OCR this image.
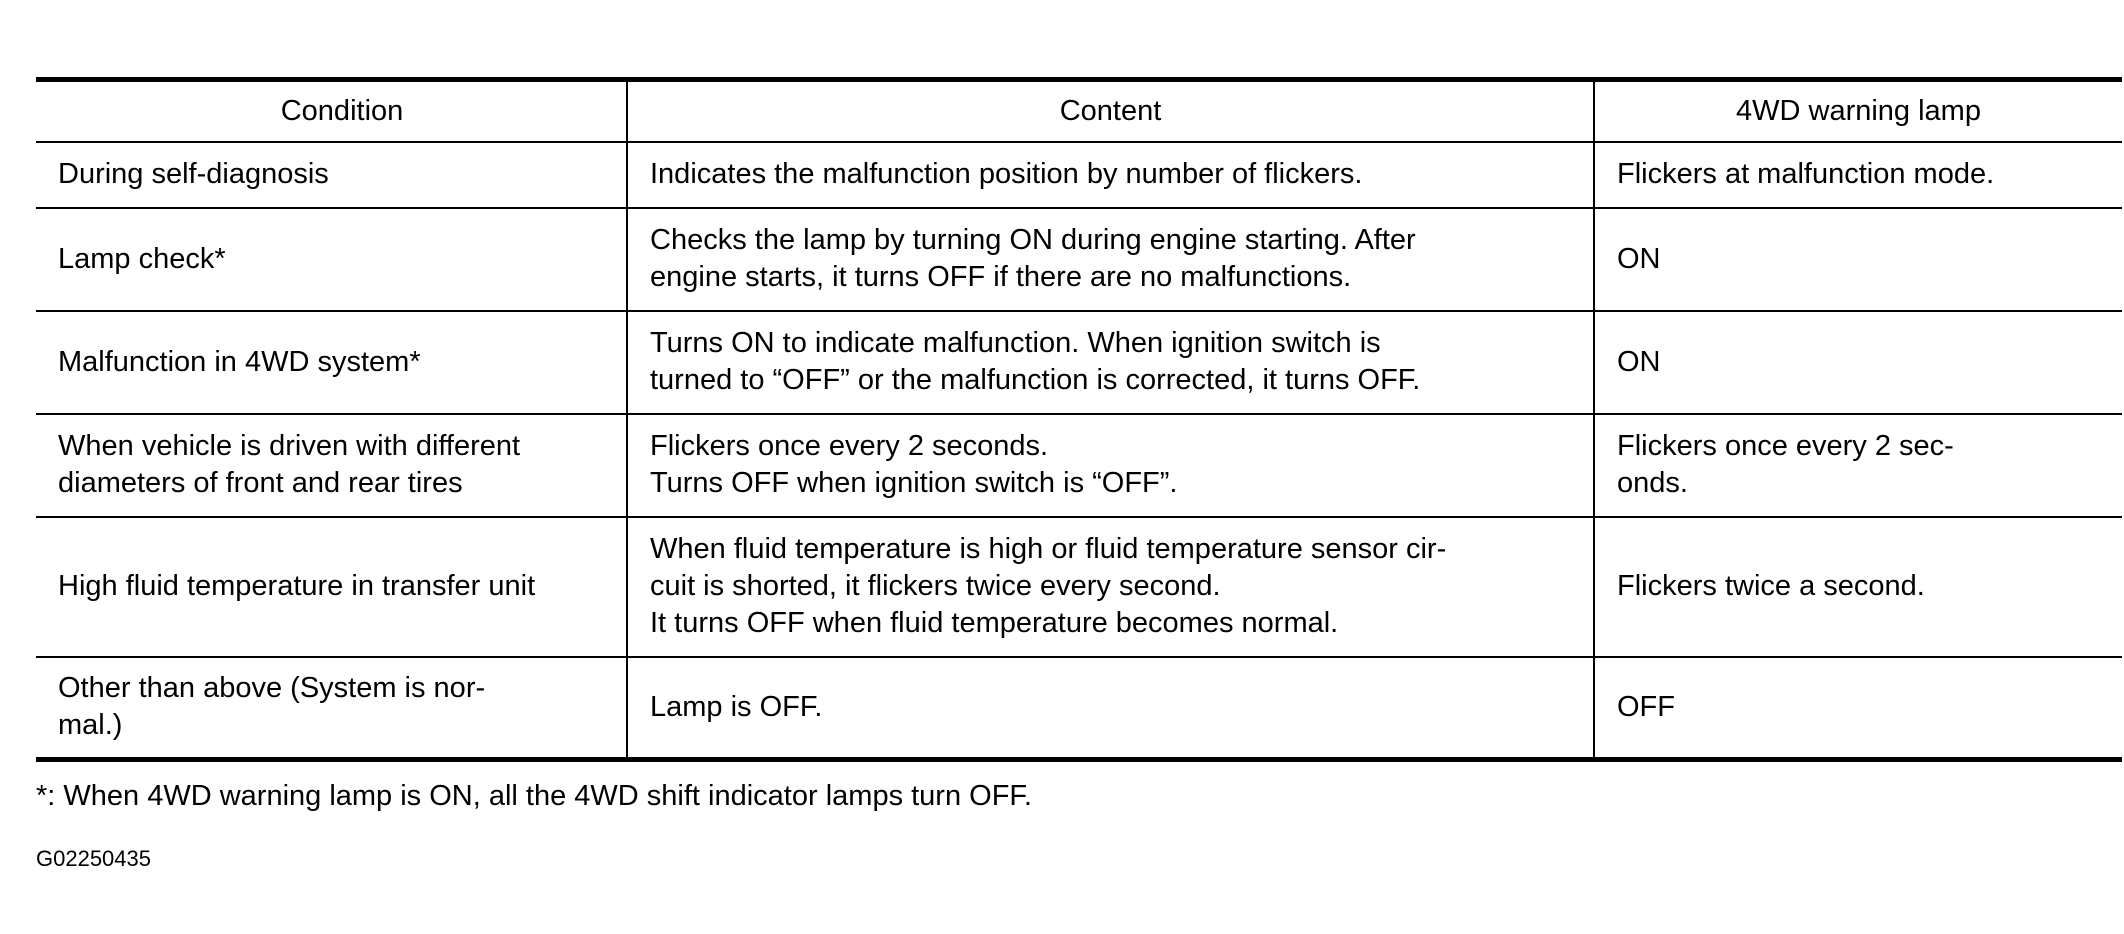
Condition	Content	4WD warning lamp
During self-diagnosis	Indicates the malfunction position by number of flickers.	Flickers at malfunction mode.
Lamp check*	Checks the lamp by turning ON during engine starting. After
engine starts, it turns OFF if there are no malfunctions.	ON
Malfunction in 4WD system*	Turns ON to indicate malfunction. When ignition switch is
turned to “OFF” or the malfunction is corrected, it turns OFF.	ON
When vehicle is driven with different
diameters of front and rear tires	Flickers once every 2 seconds.
Turns OFF when ignition switch is “OFF”.	Flickers once every 2 sec-
onds.
High fluid temperature in transfer unit	When fluid temperature is high or fluid temperature sensor cir-
cuit is shorted, it flickers twice every second.
It turns OFF when fluid temperature becomes normal.	Flickers twice a second.
Other than above (System is nor-
mal.)	Lamp is OFF.	OFF
*: When 4WD warning lamp is ON, all the 4WD shift indicator lamps turn OFF.
G02250435
